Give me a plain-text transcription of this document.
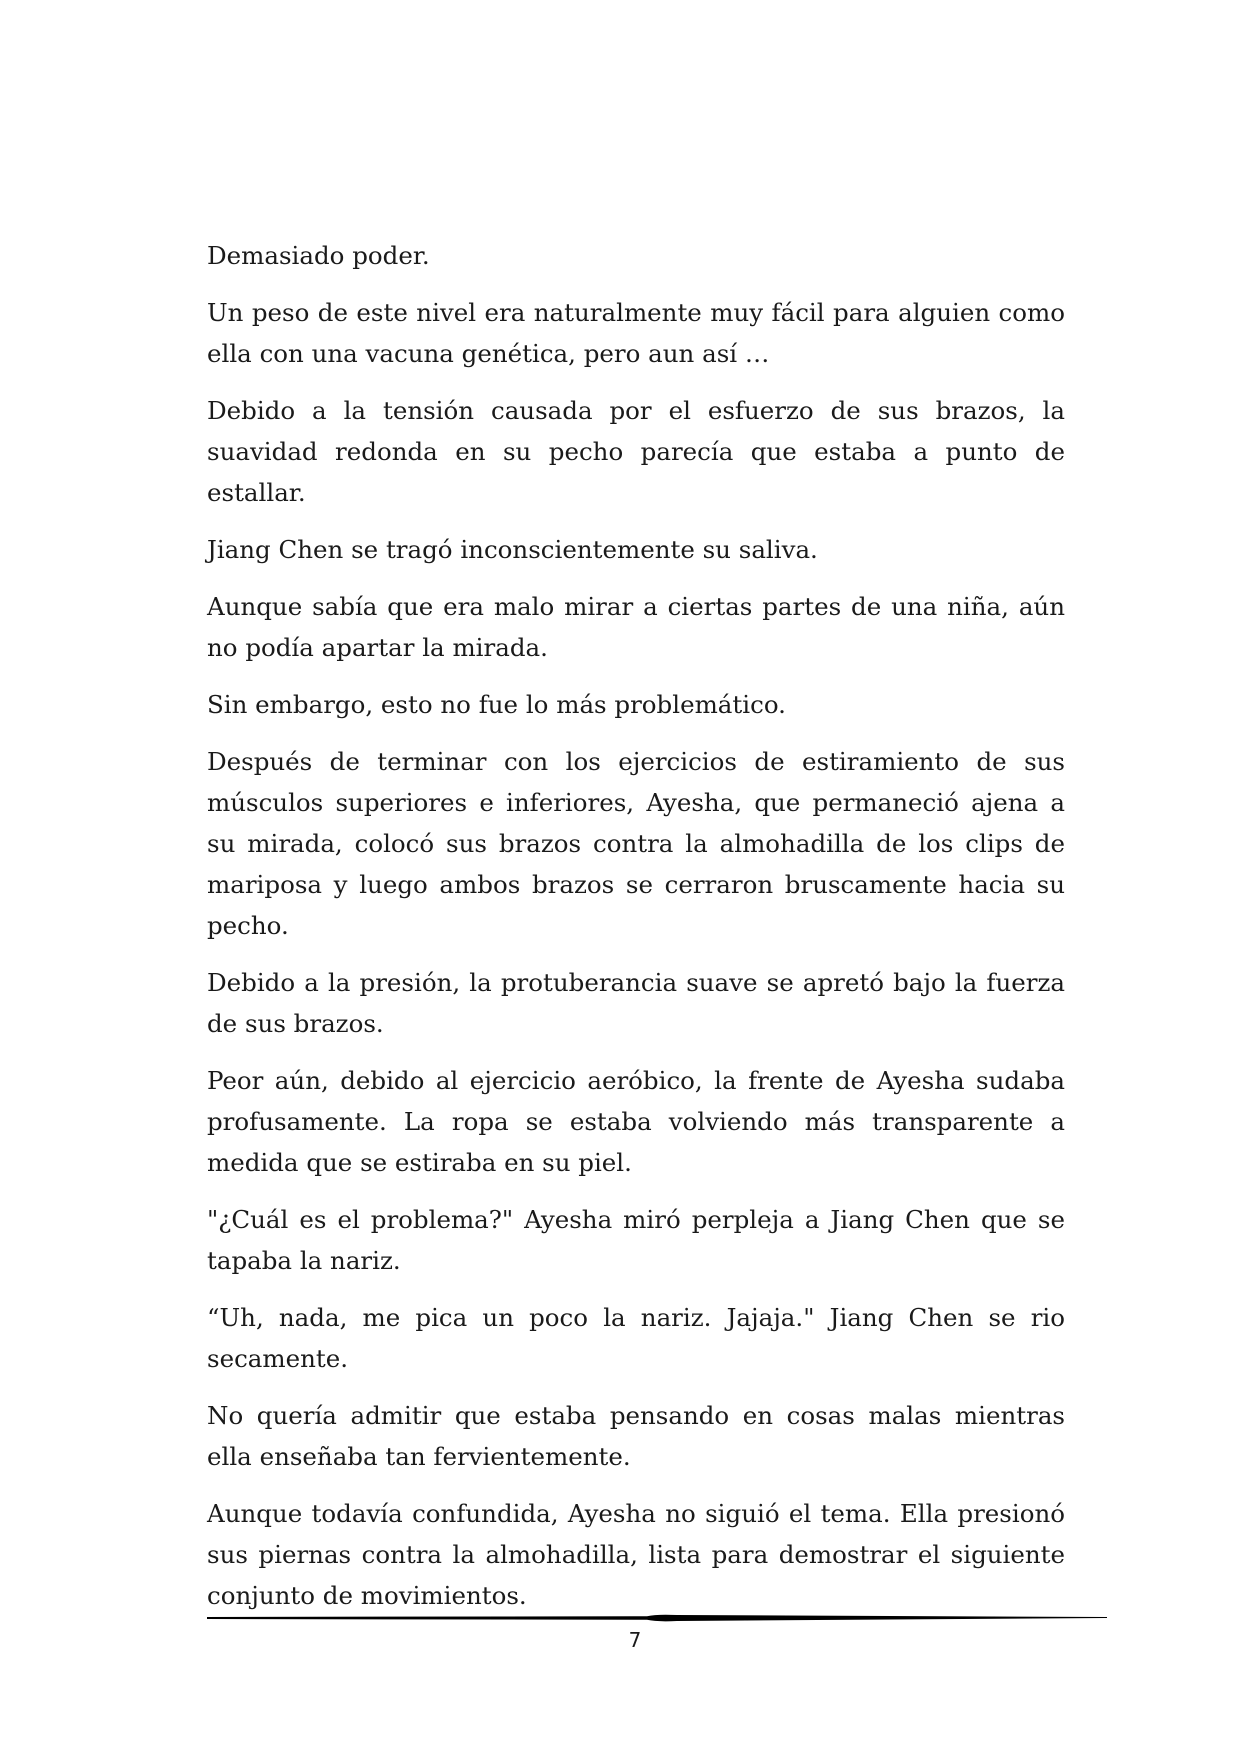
Demasiado poder.

Un peso de este nivel era naturalmente muy fácil para alguien como ella con una vacuna genética, pero aun así …

Debido a la tensión causada por el esfuerzo de sus brazos, la suavidad redonda en su pecho parecía que estaba a punto de estallar.

Jiang Chen se tragó inconscientemente su saliva.

Aunque sabía que era malo mirar a ciertas partes de una niña, aún no podía apartar la mirada.

Sin embargo, esto no fue lo más problemático.

Después de terminar con los ejercicios de estiramiento de sus músculos superiores e inferiores, Ayesha, que permaneció ajena a su mirada, colocó sus brazos contra la almohadilla de los clips de mariposa y luego ambos brazos se cerraron bruscamente hacia su pecho.

Debido a la presión, la protuberancia suave se apretó bajo la fuerza de sus brazos.

Peor aún, debido al ejercicio aeróbico, la frente de Ayesha sudaba profusamente. La ropa se estaba volviendo más transparente a medida que se estiraba en su piel.

"¿Cuál es el problema?" Ayesha miró perpleja a Jiang Chen que se tapaba la nariz.

“Uh, nada, me pica un poco la nariz. Jajaja." Jiang Chen se rio secamente.

No quería admitir que estaba pensando en cosas malas mientras ella enseñaba tan fervientemente.

Aunque todavía confundida, Ayesha no siguió el tema. Ella presionó sus piernas contra la almohadilla, lista para demostrar el siguiente conjunto de movimientos.

7
